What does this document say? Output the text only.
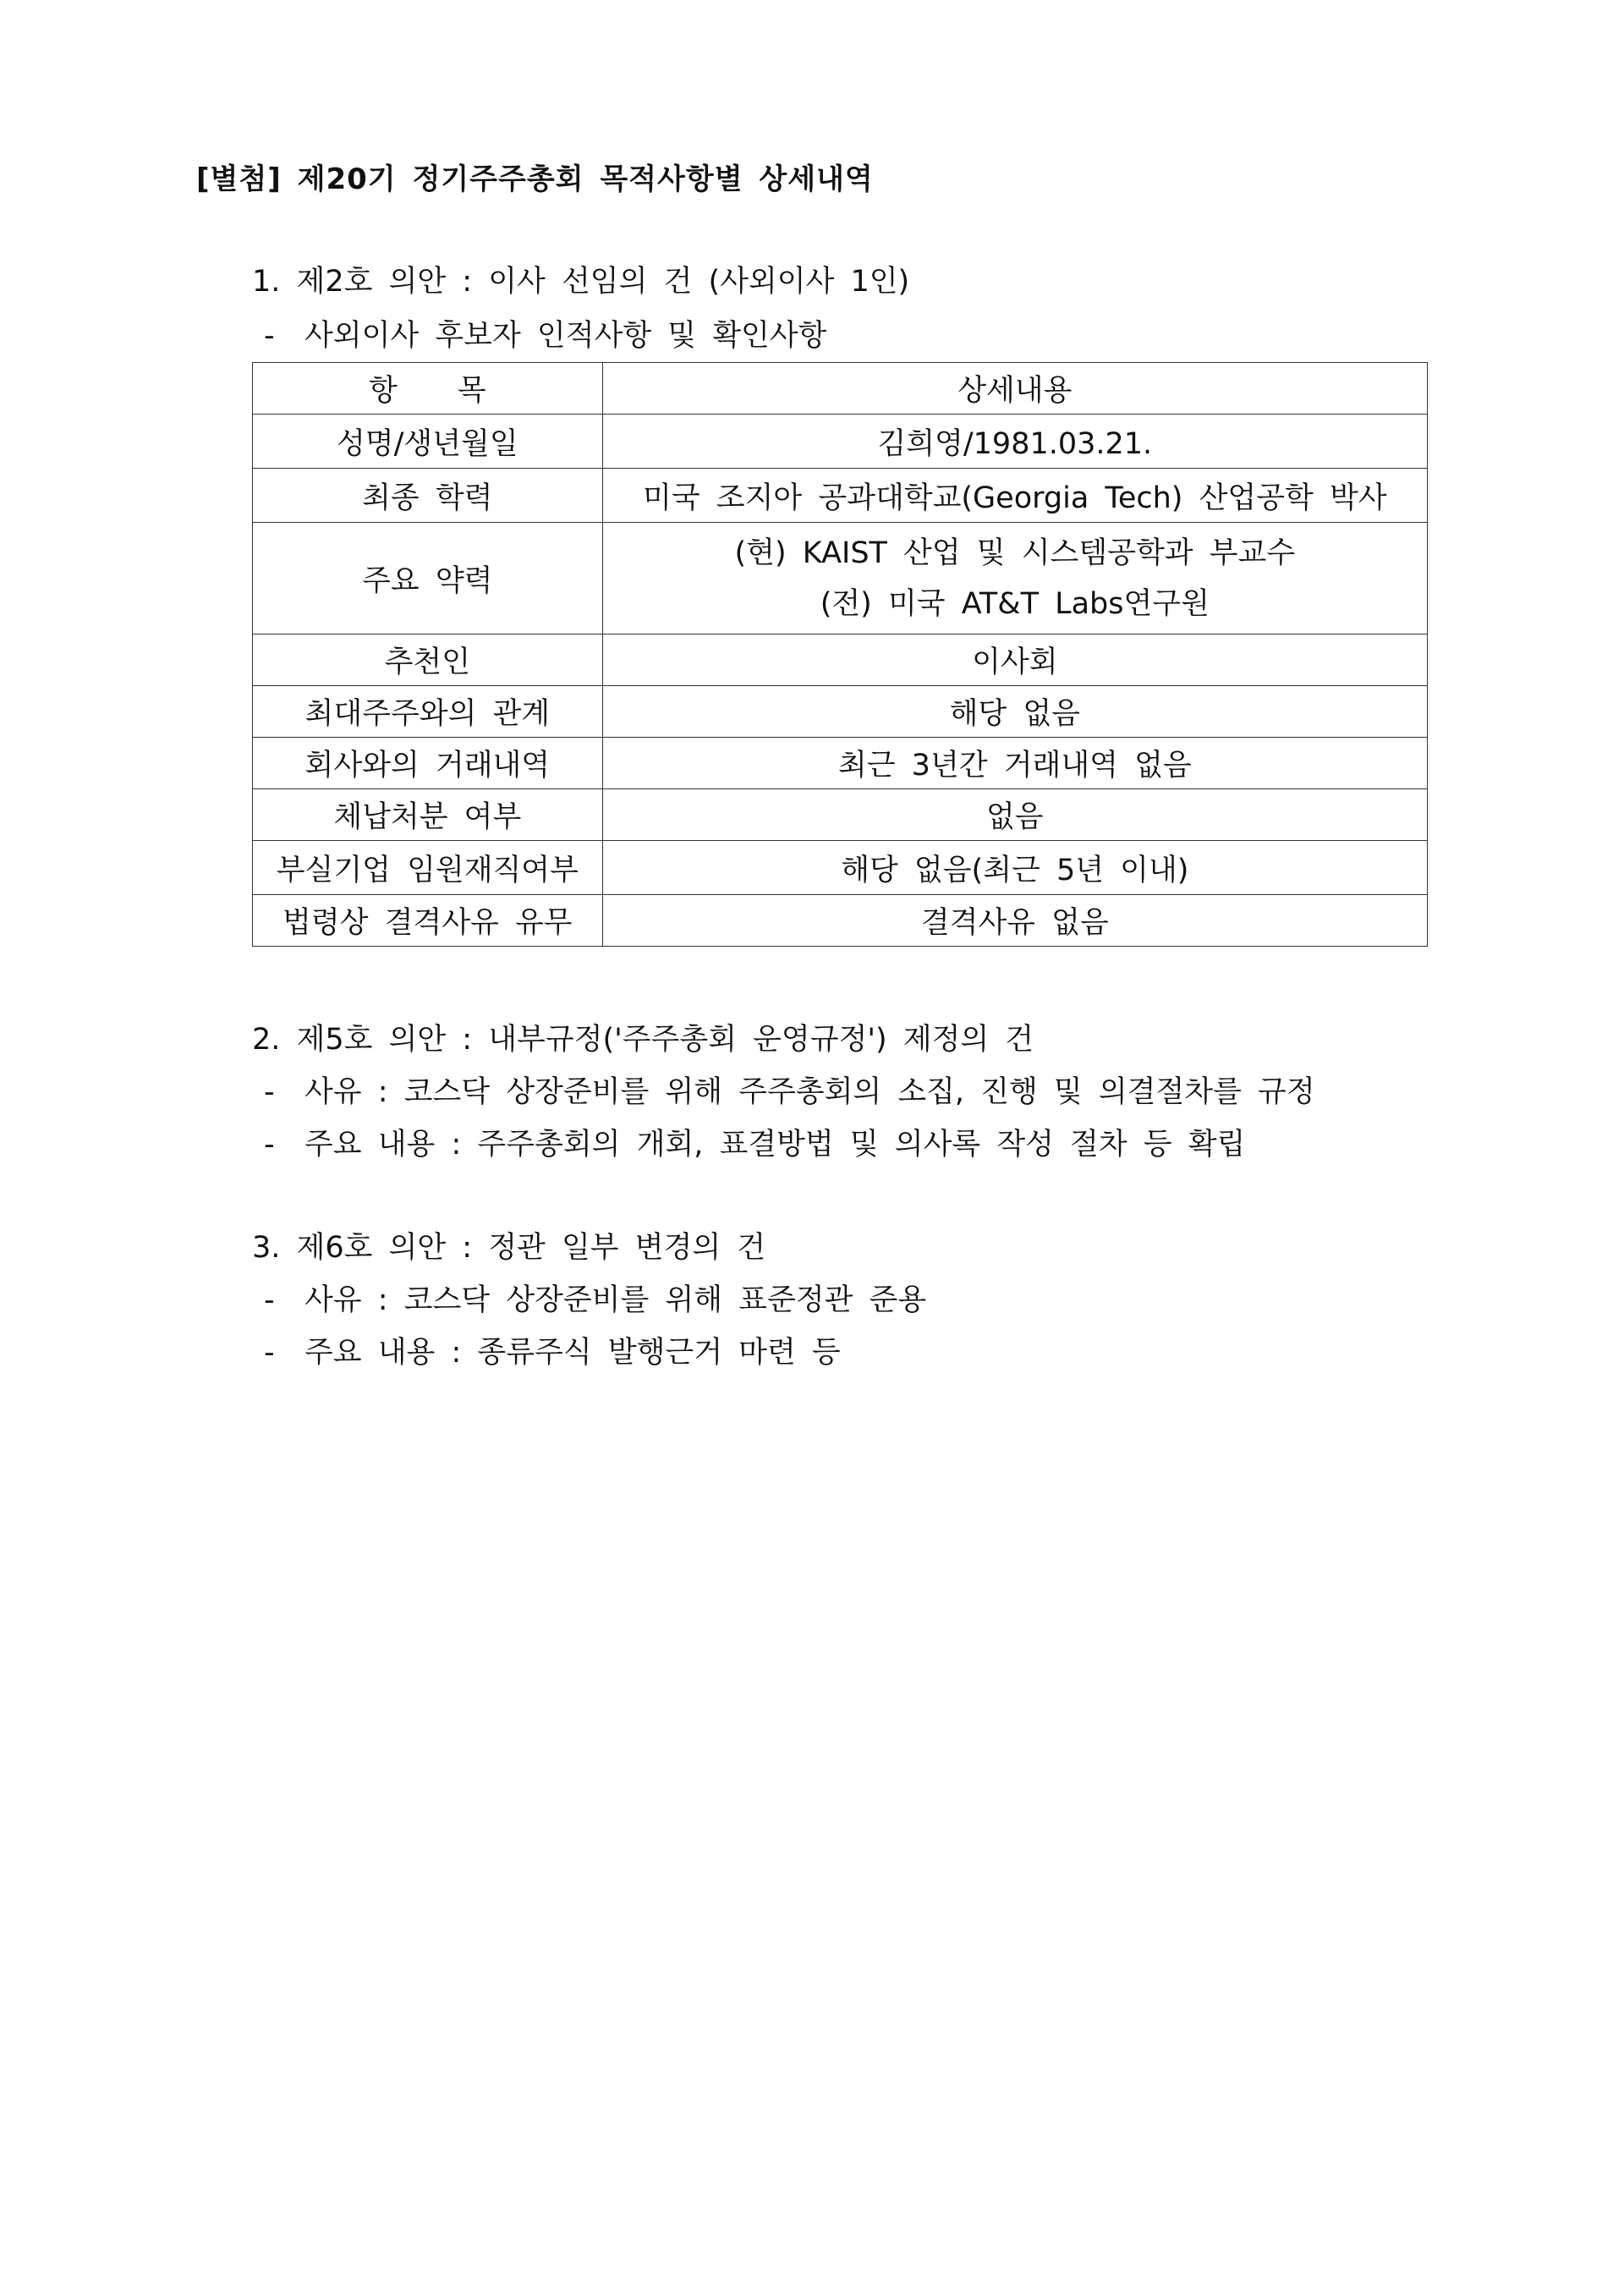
[별첨] 제20기 정기주주총회 목적사항별 상세내역
1. 제2호 의안 : 이사 선임의 건 (사외이사 1인)
- 사외이사 후보자 인적사항 및 확인사항
항 목	상세내용
성명/생년월일	김희영/1981.03.21.
최종 학력	미국 조지아 공과대학교(Georgia Tech) 산업공학 박사
주요 약력	(현) KAIST 산업 및 시스템공학과 부교수
(전) 미국 AT&T Labs연구원

추천인	이사회
최대주주와의 관계	해당 없음
회사와의 거래내역	최근 3년간 거래내역 없음
체납처분 여부	없음
부실기업 임원재직여부	해당 없음(최근 5년 이내)
법령상 결격사유 유무	결격사유 없음
2. 제5호 의안 : 내부규정('주주총회 운영규정') 제정의 건
- 사유 : 코스닥 상장준비를 위해 주주총회의 소집, 진행 및 의결절차를 규정
- 주요 내용 : 주주총회의 개회, 표결방법 및 의사록 작성 절차 등 확립
3. 제6호 의안 : 정관 일부 변경의 건
- 사유 : 코스닥 상장준비를 위해 표준정관 준용
- 주요 내용 : 종류주식 발행근거 마련 등
